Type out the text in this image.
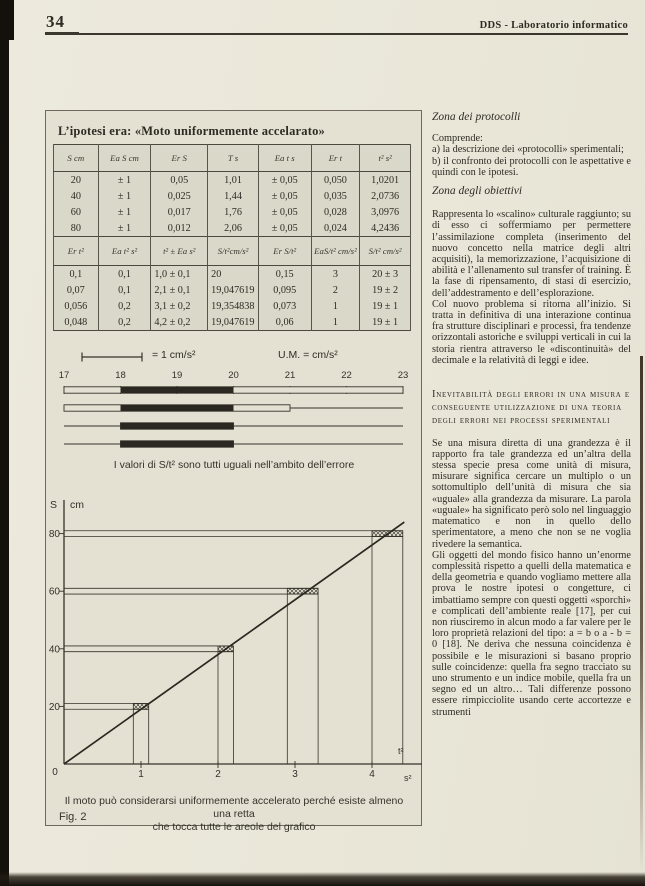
34	DDS - Laboratorio informatico
L’ipotesi era: «Moto uniformemente accelarato»
S cm	Ea S cm	Er S	T s	Ea t s	Er t	t² s²
20	± 1	0,05	1,01	± 0,05	0,050	1,0201
40	± 1	0,025	1,44	± 0,05	0,035	2,0736
60	± 1	0,017	1,76	± 0,05	0,028	3,0976
80	± 1	0,012	2,06	± 0,05	0,024	4,2436
Er t²	Ea t² s²	t² ± Ea s²	S/t²cm/s²	Er S/t²	EaS/t² cm/s²	S/t² cm/s²
0,1	0,1	1,0 ± 0,1	20	0,15	3	20 ± 3
0,07	0,1	2,1 ± 0,1	19,047619	0,095	2	19 ± 2
0,056	0,2	3,1 ± 0,2	19,354838	0,073	1	19 ± 1
0,048	0,2	4,2 ± 0,2	19,047619	0,06	1	19 ± 1
= 1 cm/s²	U.M. = cm/s²
17	18	19	20	21	22	23
I valori di S/t² sono tutti uguali nell’ambito dell’errore
20
40
60
80
1	2	3	4
0
S cm
t²
s²
Il moto può considerarsi uniformemente accelerato perché esiste almeno una retta
che tocca tutte le areole del grafico
Fig. 2
Zona dei protocolli

Comprende:

a) la descrizione dei «protocolli» sperimentali;

b) il confronto dei protocolli con le aspettative e quindi con le ipotesi.

Zona degli obiettivi

Rappresenta lo «scalino» culturale raggiunto; su di esso ci soffermiamo per permettere l’assimilazione completa (inserimento del nuovo concetto nella matrice degli altri acquisiti), la memorizzazione, l’acquisizione di abilità e l’allenamento sul transfer of training. È la fase di ripensamento, di stasi di esercizio, dell’addestramento e dell’esplorazione.

Col nuovo problema si ritorna all’inizio. Si tratta in definitiva di una interazione continua fra strutture disciplinari e processi, fra tendenze orizzontali astoriche e sviluppi verticali in cui la storia rientra attraverso le «discontinuità» del decimale e la relatività di leggi e idee.

Inevitabilità degli errori in una misura e conseguente utilizzazione di una teoria degli errori nei processi sperimentali

Se una misura diretta di una grandezza è il rapporto fra tale grandezza ed un’altra della stessa specie presa come unità di misura, misurare significa cercare un multiplo o un sottomultiplo dell’unità di misura che sia «uguale» alla grandezza da misurare. La parola «uguale» ha significato però solo nel linguaggio matematico e non in quello dello sperimentatore, a meno che non se ne voglia rivedere la semantica.

Gli oggetti del mondo fisico hanno un’enorme complessità rispetto a quelli della matematica e della geometria e quando vogliamo mettere alla prova le nostre ipotesi o congetture, ci imbattiamo sempre con questi oggetti «sporchi» e complicati dell’ambiente reale [17], per cui non riusciremo in alcun modo a far valere per le loro proprietà relazioni del tipo: a = b o a - b = 0 [18]. Ne deriva che nessuna coincidenza è possibile e le misurazioni si basano proprio sulle coincidenze: quella fra segno tracciato su uno strumento e un indice mobile, quella fra un segno ed un altro… Tali differenze possono essere rimpicciolite usando certe accortezze e strumenti
